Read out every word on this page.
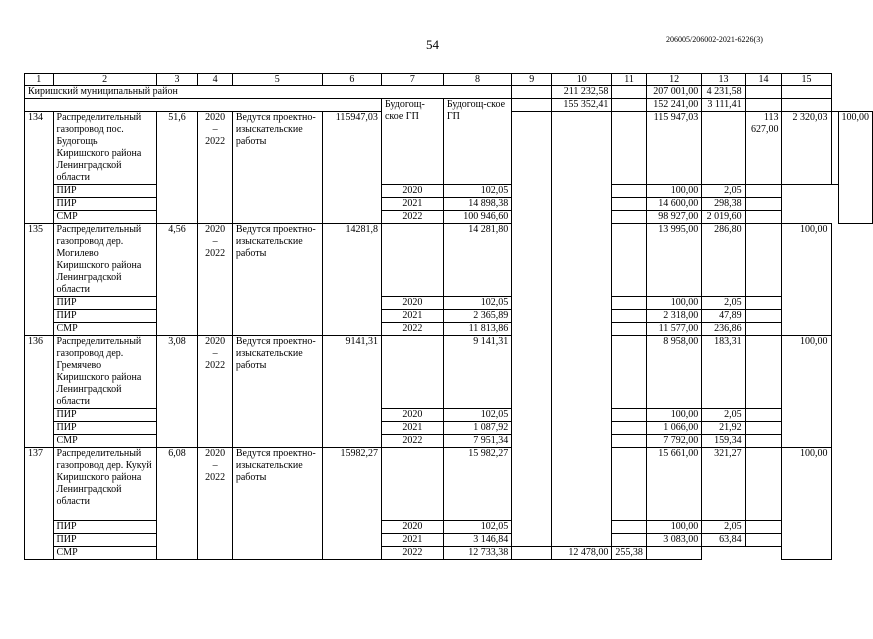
54	206005/206002-2021-6226(3)
1	2	3	4	5	6	7	8	9	10	11	12	13	14	15		
Киришский муниципальный район									211 232,58		207 001,00	4 231,58				
						Будогощ-ское ГП	Будогощ-ское ГП		155 352,41		152 241,00	3 111,41				
134	Распределительный газопровод пос. Будогощь Киришского района Ленинградской области	51,6	2020 – 2022	Ведутся проектно-изыскательские работы	115947,03						115 947,03		113 627,00	2 320,03		100,00
	ПИР					2020	102,05				100,00	2,05				
	ПИР					2021	14 898,38				14 600,00	298,38				
	СМР					2022	100 946,60				98 927,00	2 019,60				
135	Распределительный газопровод дер. Могилево Киришского района Ленинградской области	4,56	2020 – 2022	Ведутся проектно-изыскательские работы	14281,8		14 281,80				13 995,00	286,80		100,00		
	ПИР					2020	102,05				100,00	2,05				
	ПИР					2021	2 365,89				2 318,00	47,89				
	СМР					2022	11 813,86				11 577,00	236,86				
136	Распределительный газопровод дер. Гремячево Киришского района Ленинградской области	3,08	2020 – 2022	Ведутся проектно-изыскательские работы	9141,31		9 141,31				8 958,00	183,31		100,00		
	ПИР					2020	102,05				100,00	2,05				
	ПИР					2021	1 087,92				1 066,00	21,92				
	СМР					2022	7 951,34				7 792,00	159,34				
137	Распределительный газопровод дер. Кукуй Киришского района Ленинградской области	6,08	2020 – 2022	Ведутся проектно-изыскательские работы	15982,27		15 982,27				15 661,00	321,27		100,00		
	ПИР					2020	102,05				100,00	2,05				
	ПИР					2021	3 146,84				3 083,00	63,84				
	СМР					2022	12 733,38		12 478,00	255,38						
